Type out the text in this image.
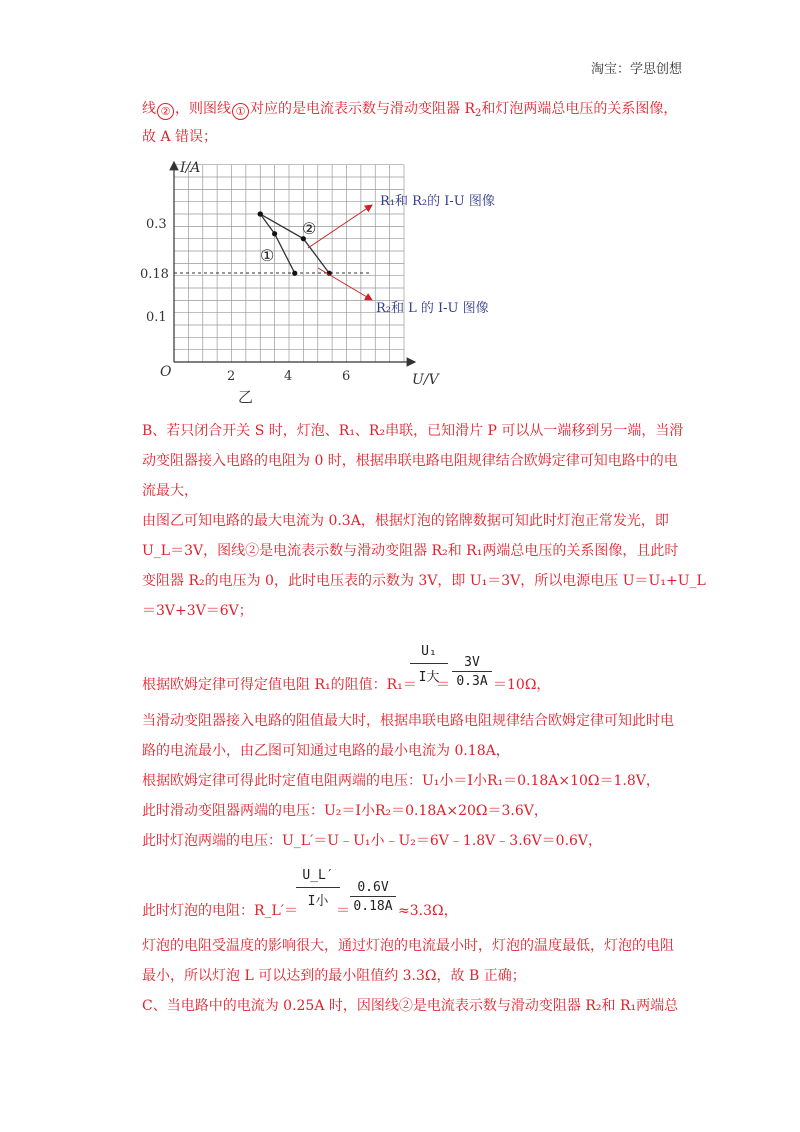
淘宝：学思创想
线 ② ，则图线 ① 对应的是电流表示数与滑动变阻器 $R_2$和灯泡两端总电压的关系图像，
故 A 错误；
I/A
U/V
O	2	4	6
0.3
0.18
0.1
①
②
R₁和 R₂的 I-U 图像
R₂和 L 的 I-U 图像
乙
B、若只闭合开关 S 时，灯泡、R₁、R₂串联，已知滑片 P 可以从一端移到另一端，当滑
动变阻器接入电路的电阻为 0 时，根据串联电路电阻规律结合欧姆定律可知电路中的电
流最大，
由图乙可知电路的最大电流为 0.3A，根据灯泡的铭牌数据可知此时灯泡正常发光，即
U_L＝3V，图线②是电流表示数与滑动变阻器 R₂和 R₁两端总电压的关系图像，且此时
变阻器 R₂的电压为 0，此时电压表的示数为 3V，即 U₁＝3V，所以电源电压 U＝U₁+U_L
＝3V+3V＝6V；
根据欧姆定律可得定值电阻 R₁的阻值：R₁＝
U₁
I大
3V
＝ 0.3A ＝10Ω，
当滑动变阻器接入电路的阻值最大时，根据串联电路电阻规律结合欧姆定律可知此时电
路的电流最小，由乙图可知通过电路的最小电流为 0.18A，
根据欧姆定律可得此时定值电阻两端的电压：U₁小＝I小R₁＝0.18A×10Ω＝1.8V，
此时滑动变阻器两端的电压：U₂＝I小R₂＝0.18A×20Ω＝3.6V，
此时灯泡两端的电压：U_L′＝U﹣U₁小﹣U₂＝6V﹣1.8V﹣3.6V＝0.6V，
此时灯泡的电阻：R_L′＝
U_L′
I小
＝
0.6V
0.18A ≈3.3Ω，
灯泡的电阻受温度的影响很大，通过灯泡的电流最小时，灯泡的温度最低，灯泡的电阻
最小，所以灯泡 L 可以达到的最小阻值约 3.3Ω，故 B 正确；
C、当电路中的电流为 0.25A 时，因图线②是电流表示数与滑动变阻器 R₂和 R₁两端总
